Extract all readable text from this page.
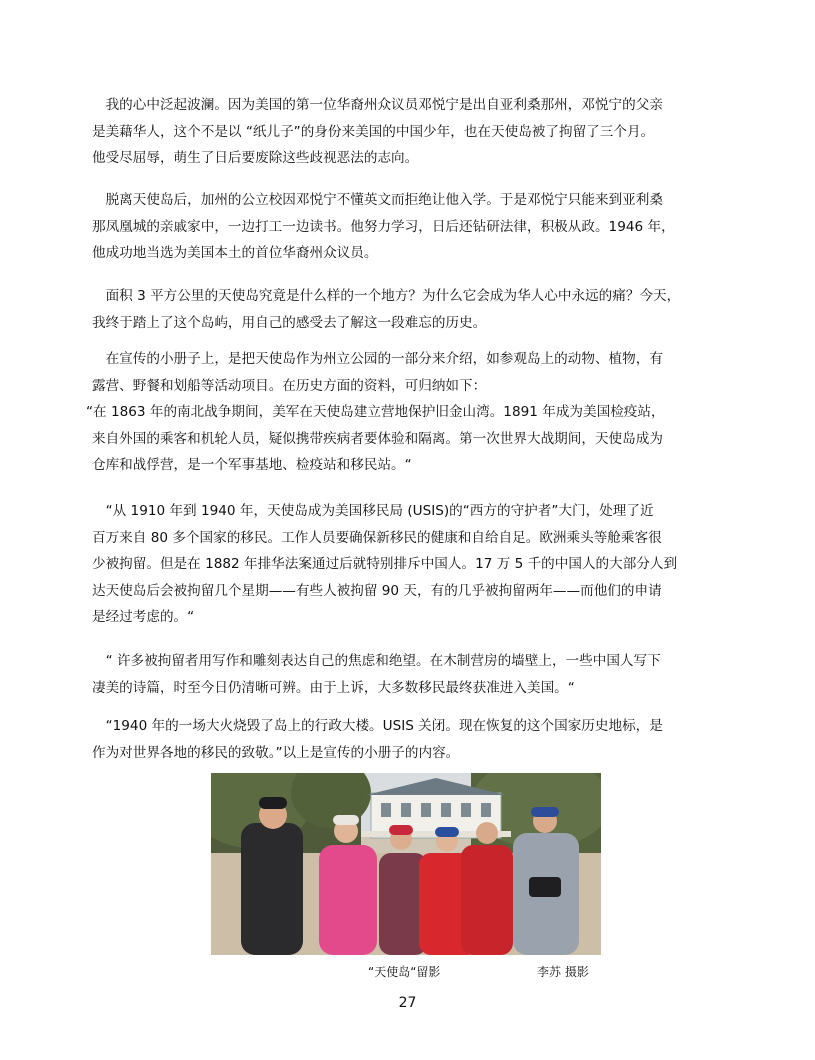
　我的心中泛起波澜。因为美国的第一位华裔州众议员邓悦宁是出自亚利桑那州，邓悦宁的父亲
是美藉华人，这个不是以 “纸儿子”的身份来美国的中国少年，也在天使岛被了拘留了三个月。
他受尽屈辱，萌生了日后要废除这些歧视恶法的志向。
　脱离天使岛后，加州的公立校因邓悦宁不懂英文而拒绝让他入学。于是邓悦宁只能来到亚利桑
那凤凰城的亲戚家中，一边打工一边读书。他努力学习，日后还钻研法律，积极从政。1946 年，
他成功地当选为美国本土的首位华裔州众议员。
　面积 3 平方公里的天使岛究竟是什么样的一个地方？为什么它会成为华人心中永远的痛？今天，
我终于踏上了这个岛屿，用自己的感受去了解这一段难忘的历史。
　在宣传的小册子上，是把天使岛作为州立公园的一部分来介绍，如参观岛上的动物、植物，有
露营、野餐和划船等活动项目。在历史方面的资料，可归纳如下：
“在 1863 年的南北战争期间，美军在天使岛建立营地保护旧金山湾。1891 年成为美国检疫站，
来自外国的乘客和机轮人员，疑似携带疾病者要体验和隔离。第一次世界大战期间，天使岛成为
仓库和战俘营，是一个军事基地、检疫站和移民站。“
　“从 1910 年到 1940 年，天使岛成为美国移民局 (USIS)的“西方的守护者”大门，处理了近
百万来自 80 多个国家的移民。工作人员要确保新移民的健康和自给自足。欧洲乘头等舱乘客很
少被拘留。但是在 1882 年排华法案通过后就特别排斥中国人。17 万 5 千的中国人的大部分人到
达天使岛后会被拘留几个星期——有些人被拘留 90 天，有的几乎被拘留两年——而他们的申请
是经过考虑的。“
　“ 许多被拘留者用写作和雕刻表达自己的焦虑和绝望。在木制营房的墙壁上，一些中国人写下
凄美的诗篇，时至今日仍清晰可辨。由于上诉，大多数移民最终获准进入美国。“
　“1940 年的一场大火烧毁了岛上的行政大楼。USIS 关闭。现在恢复的这个国家历史地标，是
作为对世界各地的移民的致敬。”以上是宣传的小册子的内容。
“天使岛“留影	李苏 摄影
27
